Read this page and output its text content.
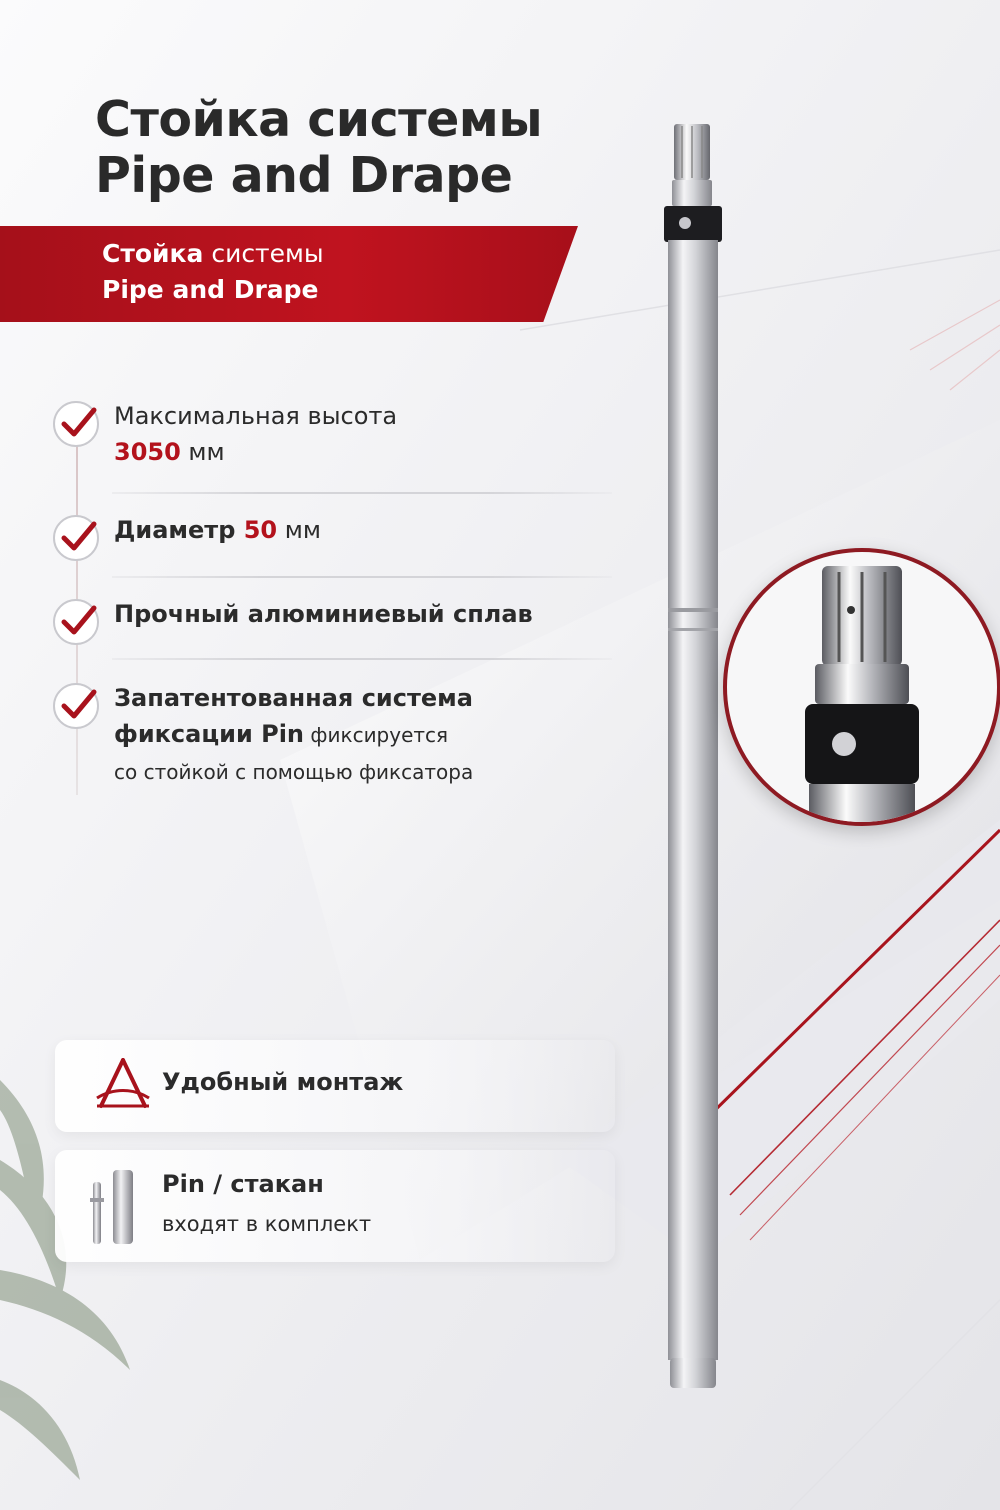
Стойка системы
Pipe and Drape
Стойка системы
Pipe and Drape
Максимальная высота
3050 мм
Диаметр 50 мм
Прочный алюминиевый сплав
Запатентованная система
фиксации Pin фиксируется
со стойкой с помощью фиксатора
Удобный монтаж
Pin / стакан
входят в комплект
